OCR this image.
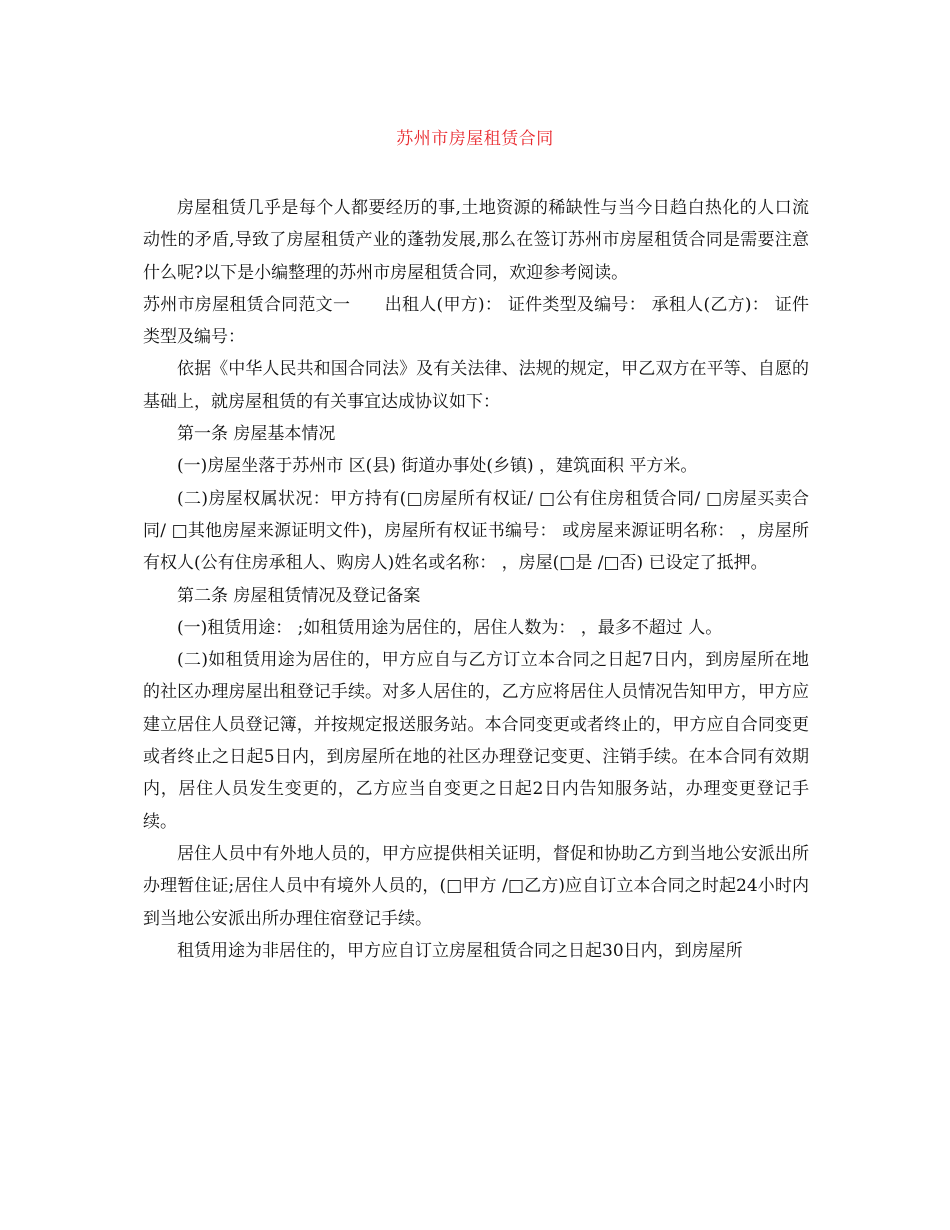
苏州市房屋租赁合同

房屋租赁几乎是每个人都要经历的事,土地资源的稀缺性与当今日趋白热化的人口流动性的矛盾,导致了房屋租赁产业的蓬勃发展,那么在签订苏州市房屋租赁合同是需要注意什么呢?以下是小编整理的苏州市房屋租赁合同，欢迎参考阅读。

苏州市房屋租赁合同范文一　　出租人(甲方)： 证件类型及编号： 承租人(乙方)： 证件类型及编号：

依据《中华人民共和国合同法》及有关法律、法规的规定，甲乙双方在平等、自愿的基础上，就房屋租赁的有关事宜达成协议如下：

第一条 房屋基本情况

(一)房屋坐落于苏州市 区(县) 街道办事处(乡镇) ，建筑面积 平方米。

(二)房屋权属状况：甲方持有(□房屋所有权证/ □公有住房租赁合同/ □房屋买卖合同/ □其他房屋来源证明文件)，房屋所有权证书编号： 或房屋来源证明名称： ，房屋所有权人(公有住房承租人、购房人)姓名或名称： ，房屋(□是 /□否) 已设定了抵押。

第二条 房屋租赁情况及登记备案

(一)租赁用途： ;如租赁用途为居住的，居住人数为： ，最多不超过 人。

(二)如租赁用途为居住的，甲方应自与乙方订立本合同之日起7日内，到房屋所在地的社区办理房屋出租登记手续。对多人居住的，乙方应将居住人员情况告知甲方，甲方应建立居住人员登记簿，并按规定报送服务站。本合同变更或者终止的，甲方应自合同变更或者终止之日起5日内，到房屋所在地的社区办理登记变更、注销手续。在本合同有效期内，居住人员发生变更的，乙方应当自变更之日起2日内告知服务站，办理变更登记手续。

居住人员中有外地人员的，甲方应提供相关证明，督促和协助乙方到当地公安派出所办理暂住证;居住人员中有境外人员的，(□甲方 /□乙方)应自订立本合同之时起24小时内到当地公安派出所办理住宿登记手续。

租赁用途为非居住的，甲方应自订立房屋租赁合同之日起30日内，到房屋所
